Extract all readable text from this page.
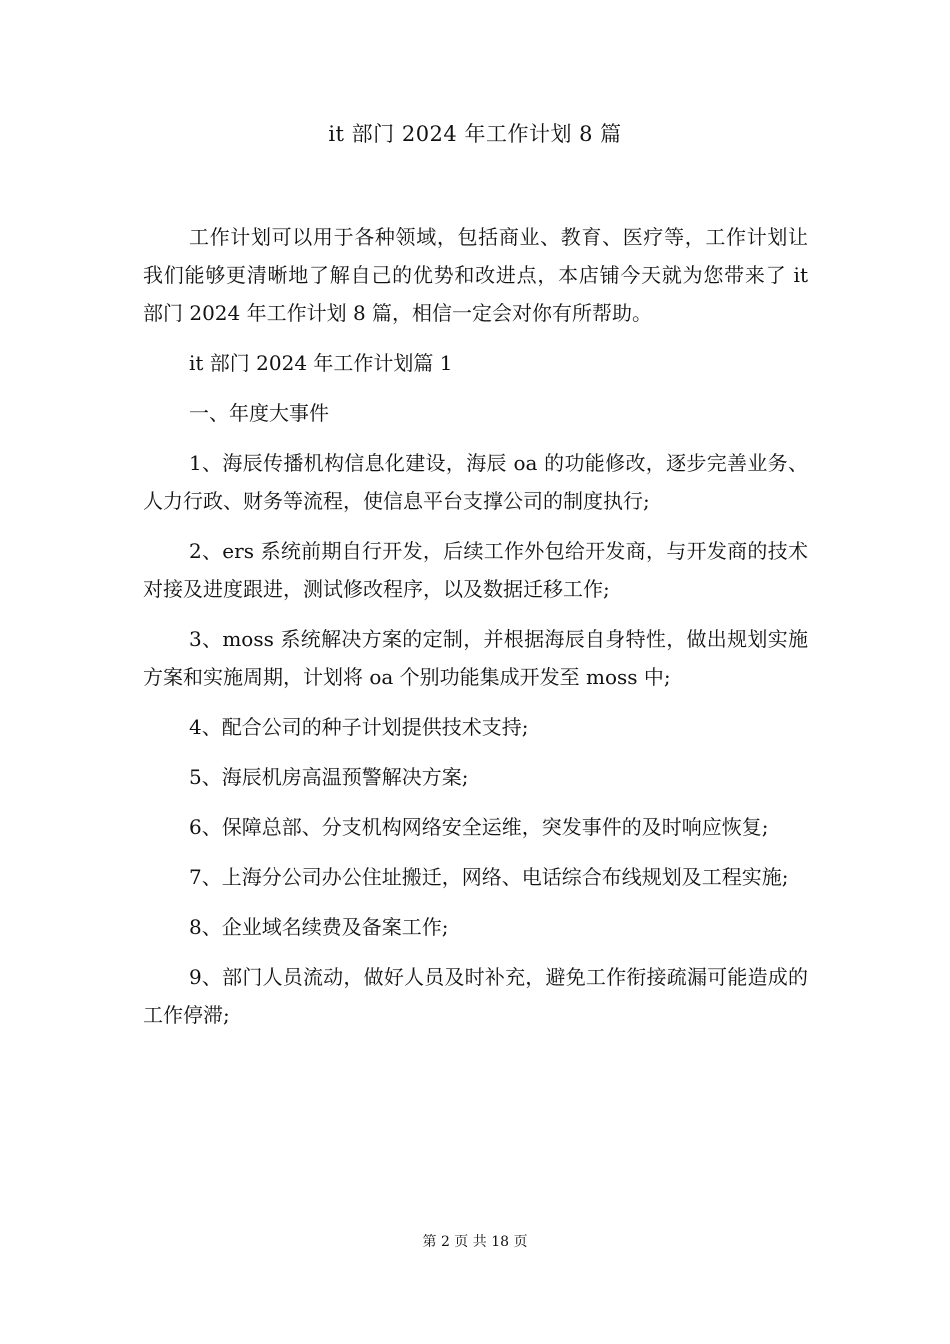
it 部门 2024 年工作计划 8 篇

工作计划可以用于各种领域，包括商业、教育、医疗等，工作计划让我们能够更清晰地了解自己的优势和改进点，本店铺今天就为您带来了 it 部门 2024 年工作计划 8 篇，相信一定会对你有所帮助。

it 部门 2024 年工作计划篇 1

一、年度大事件

1、海辰传播机构信息化建设，海辰 oa 的功能修改，逐步完善业务、人力行政、财务等流程，使信息平台支撑公司的制度执行;

2、ers 系统前期自行开发，后续工作外包给开发商，与开发商的技术对接及进度跟进，测试修改程序，以及数据迁移工作;

3、moss 系统解决方案的定制，并根据海辰自身特性，做出规划实施方案和实施周期，计划将 oa 个别功能集成开发至 moss 中;

4、配合公司的种子计划提供技术支持;

5、海辰机房高温预警解决方案;

6、保障总部、分支机构网络安全运维，突发事件的及时响应恢复;

7、上海分公司办公住址搬迁，网络、电话综合布线规划及工程实施;

8、企业域名续费及备案工作;

9、部门人员流动，做好人员及时补充，避免工作衔接疏漏可能造成的工作停滞;

第 2 页 共 18 页
